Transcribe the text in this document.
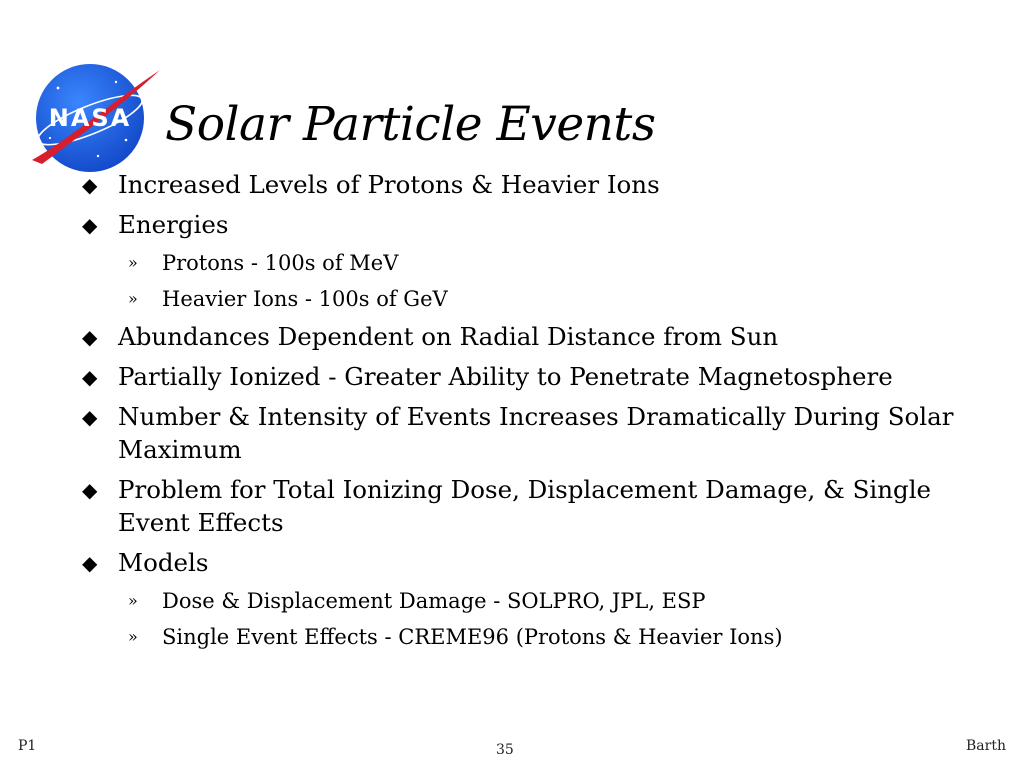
NASA Solar Particle Events
◆ Increased Levels of Protons & Heavier Ions
◆ Energies
» Protons - 100s of MeV
» Heavier Ions - 100s of GeV
◆ Abundances Dependent on Radial Distance from Sun
◆ Partially Ionized - Greater Ability to Penetrate Magnetosphere
◆ Number & Intensity of Events Increases Dramatically During Solar Maximum
◆ Problem for Total Ionizing Dose, Displacement Damage, & Single Event Effects
◆ Models
» Dose & Displacement Damage - SOLPRO, JPL, ESP
» Single Event Effects - CREME96 (Protons & Heavier Ions)
P1	35	Barth
